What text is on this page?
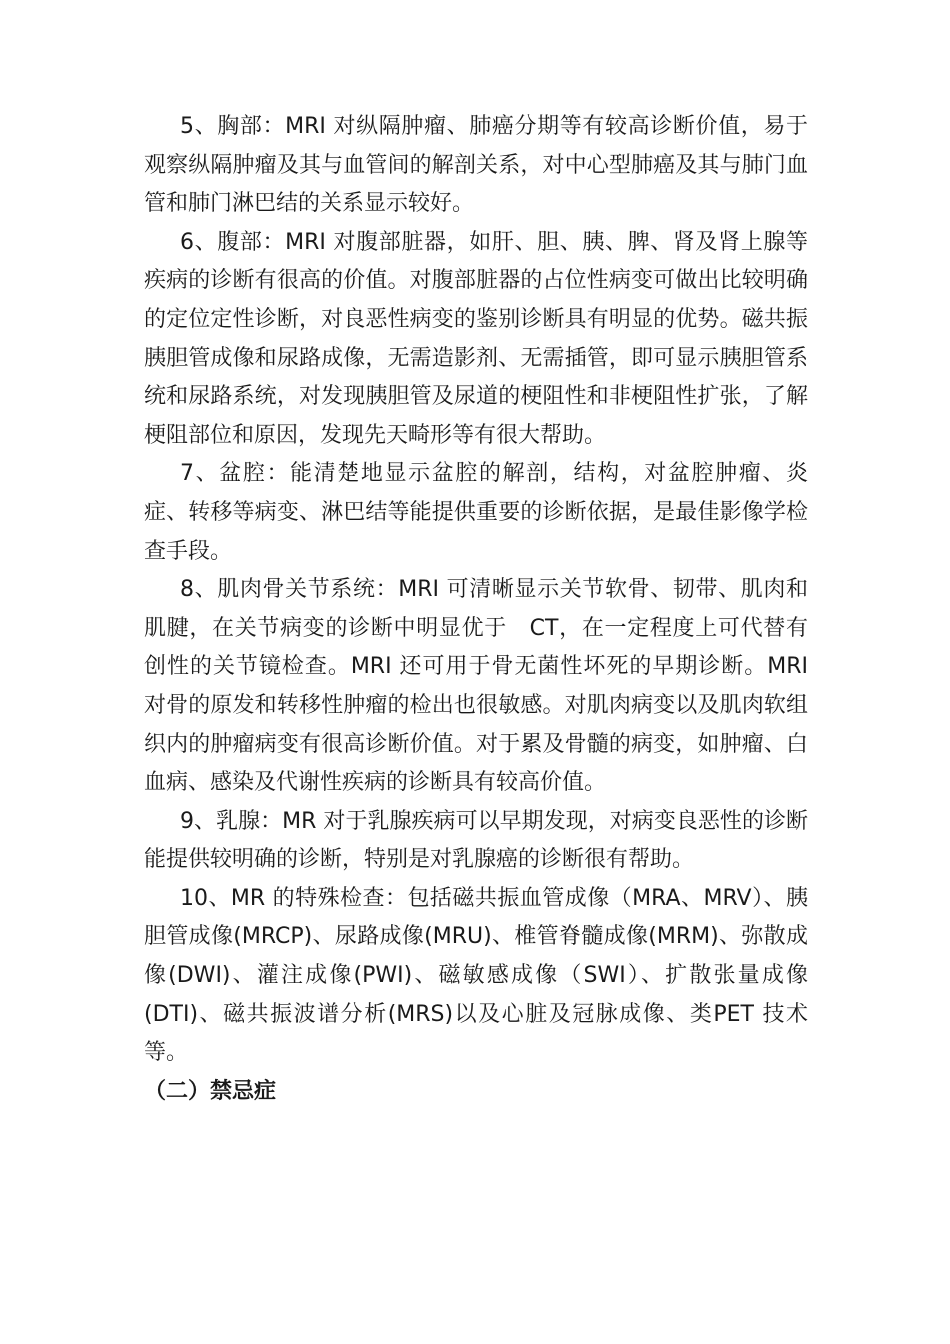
5、胸部：MRI 对纵隔肿瘤、肺癌分期等有较高诊断价值，易于观察纵隔肿瘤及其与血管间的解剖关系，对中心型肺癌及其与肺门血管和肺门淋巴结的关系显示较好。

6、腹部：MRI 对腹部脏器，如肝、胆、胰、脾、肾及肾上腺等疾病的诊断有很高的价值。对腹部脏器的占位性病变可做出比较明确的定位定性诊断，对良恶性病变的鉴别诊断具有明显的优势。磁共振胰胆管成像和尿路成像，无需造影剂、无需插管，即可显示胰胆管系统和尿路系统，对发现胰胆管及尿道的梗阻性和非梗阻性扩张，了解梗阻部位和原因，发现先天畸形等有很大帮助。

7、盆腔：能清楚地显示盆腔的解剖，结构，对盆腔肿瘤、炎症、转移等病变、淋巴结等能提供重要的诊断依据，是最佳影像学检查手段。

8、肌肉骨关节系统：MRI 可清晰显示关节软骨、韧带、肌肉和肌腱，在关节病变的诊断中明显优于　CT，在一定程度上可代替有创性的关节镜检查。MRI 还可用于骨无菌性坏死的早期诊断。MRI 对骨的原发和转移性肿瘤的检出也很敏感。对肌肉病变以及肌肉软组织内的肿瘤病变有很高诊断价值。对于累及骨髓的病变，如肿瘤、白血病、感染及代谢性疾病的诊断具有较高价值。

9、乳腺：MR 对于乳腺疾病可以早期发现，对病变良恶性的诊断能提供较明确的诊断，特别是对乳腺癌的诊断很有帮助。

10、MR 的特殊检查：包括磁共振血管成像（MRA、MRV）、胰胆管成像(MRCP)、尿路成像(MRU)、椎管脊髓成像(MRM)、弥散成像(DWI)、灌注成像(PWI)、磁敏感成像（SWI）、扩散张量成像(DTI)、磁共振波谱分析(MRS)以及心脏及冠脉成像、类PET 技术等。

（二）禁忌症
